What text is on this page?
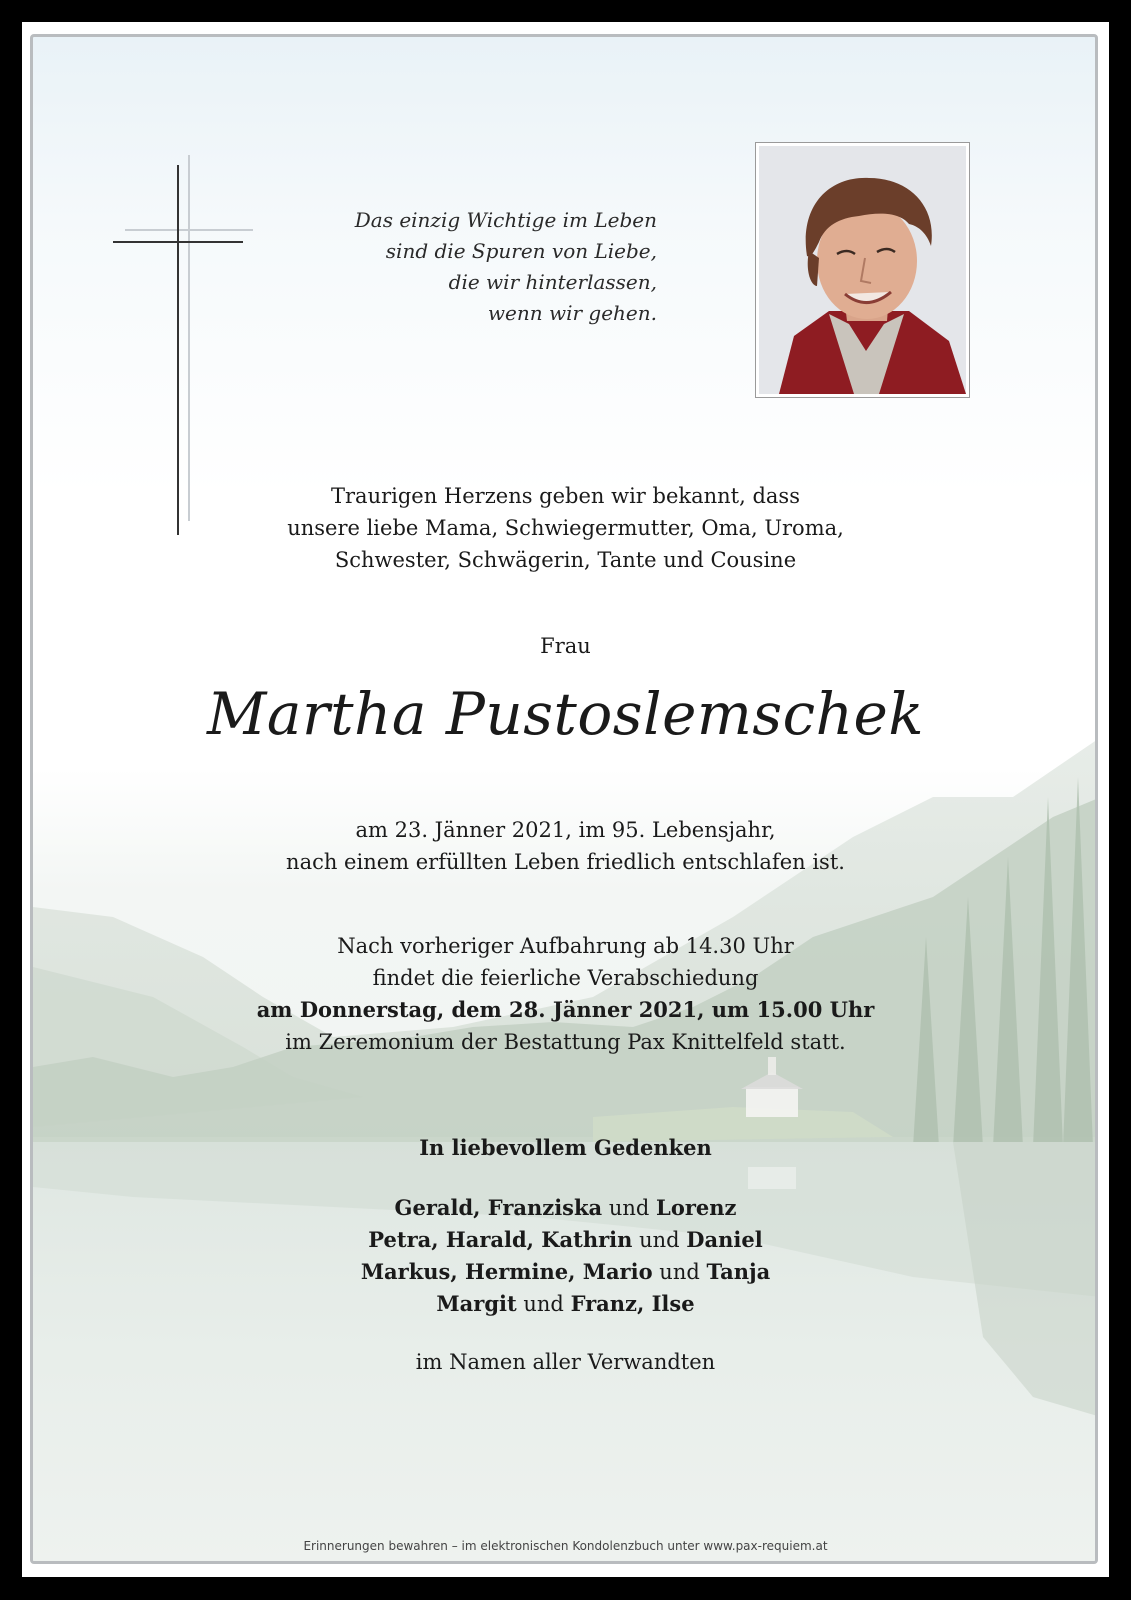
Das einzig Wichtige im Leben
sind die Spuren von Liebe,
die wir hinterlassen,
wenn wir gehen.
Traurigen Herzens geben wir bekannt, dass
unsere liebe Mama, Schwiegermutter, Oma, Uroma,
Schwester, Schwägerin, Tante und Cousine
Frau
Martha Pustoslemschek
am 23. Jänner 2021, im 95. Lebensjahr,
nach einem erfüllten Leben friedlich entschlafen ist.
Nach vorheriger Aufbahrung ab 14.30 Uhr
findet die feierliche Verabschiedung
am Donnerstag, dem 28. Jänner 2021, um 15.00 Uhr
im Zeremonium der Bestattung Pax Knittelfeld statt.
In liebevollem Gedenken
Gerald, Franziska und Lorenz
Petra, Harald, Kathrin und Daniel
Markus, Hermine, Mario und Tanja
Margit und Franz, Ilse
im Namen aller Verwandten
Erinnerungen bewahren – im elektronischen Kondolenzbuch unter www.pax-requiem.at
